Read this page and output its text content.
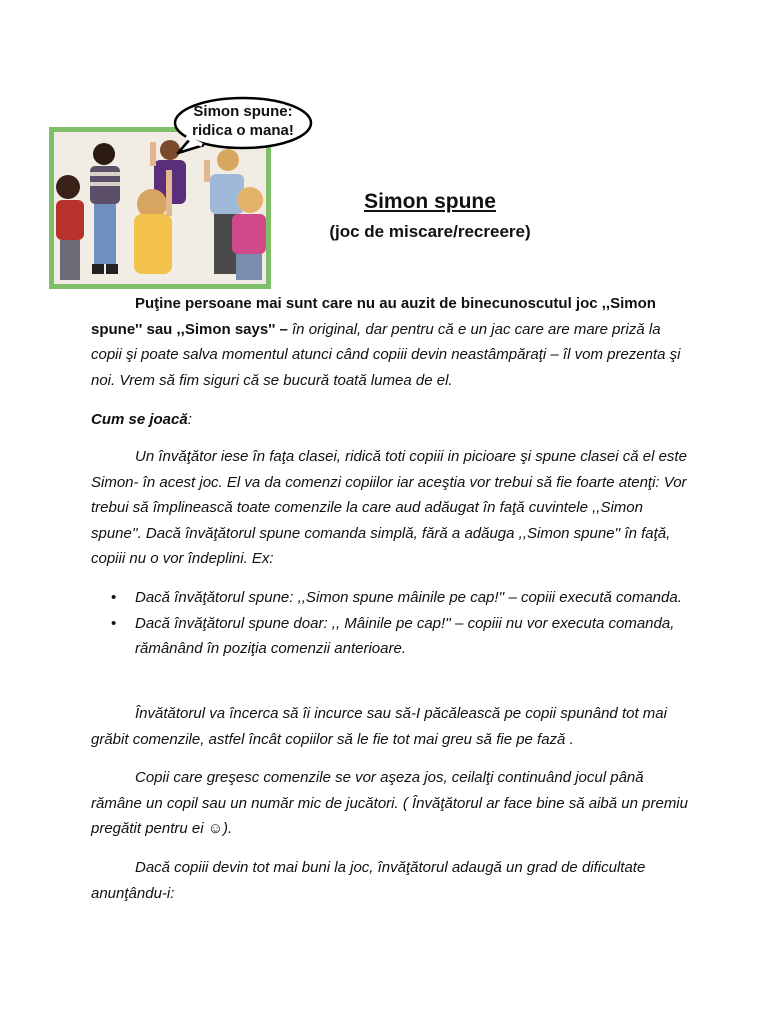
Simon spune:
ridica o mana!
Simon spune
(joc de miscare/recreere)
Puţine persoane mai sunt care nu au auzit de binecunoscutul joc ,,Simon spune'' sau ,,Simon says'' – în original, dar pentru că e un jac care are mare priză la copii şi poate salva momentul atunci când copiii devin neastâmpăraţi – îl vom prezenta şi noi. Vrem să fim siguri că se bucură toată lumea de el.
Cum se joacă:
Un învăţător iese în faţa clasei, ridică toti copiii in picioare şi spune clasei că el este Simon- în acest joc. El va da comenzi copiilor iar aceştia vor trebui să fie foarte atenţi: Vor trebui să împlinească toate comenzile la care aud adăugat în faţă cuvintele ,,Simon spune''. Dacă învăţătorul spune comanda simplă, fără a adăuga ,,Simon spune'' în faţă, copiii nu o vor îndeplini. Ex:
• Dacă învăţătorul spune: ,,Simon spune mâinile pe cap!'' – copiii execută comanda.
• Dacă învăţătorul spune doar: ,, Mâinile pe cap!'' – copiii nu vor executa comanda, rămânând în poziţia comenzii anterioare.
Învătătorul va încerca să îi incurce sau să-I păcălească pe copii spunând tot mai grăbit comenzile, astfel încât copiilor să le fie tot mai greu să fie pe fază .
Copii care greşesc comenzile se vor aşeza jos, ceilalţi continuând jocul până rămâne un copil sau un număr mic de jucători. ( Învăţătorul ar face bine să aibă un premiu pregătit pentru ei ☺).
Dacă copiii devin tot mai buni la joc, învăţătorul adaugă un grad de dificultate anunţându-i:
